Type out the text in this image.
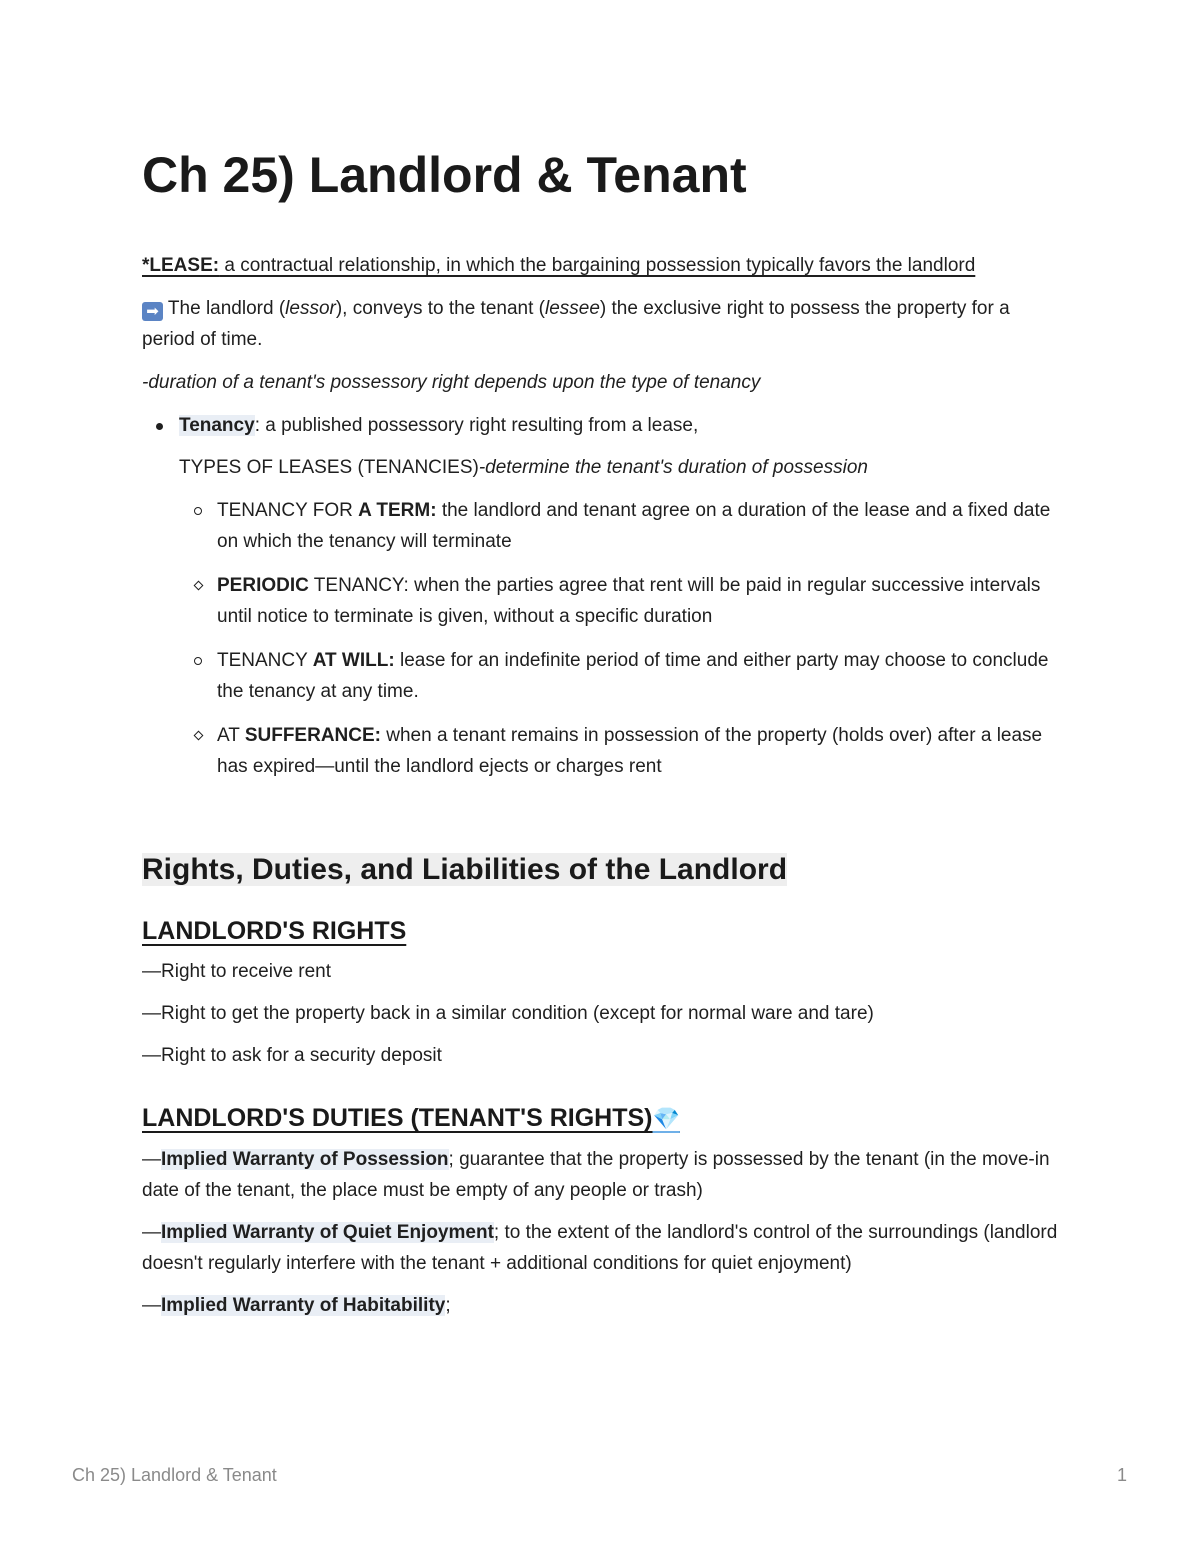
Ch 25) Landlord & Tenant

*LEASE: a contractual relationship, in which the bargaining possession typically favors the landlord

➡ The landlord (lessor), conveys to the tenant (lessee) the exclusive right to possess the property for a period of time.

-duration of a tenant's possessory right depends upon the type of tenancy

Tenancy: a published possessory right resulting from a lease,

TYPES OF LEASES (TENANCIES)-determine the tenant's duration of possession

TENANCY FOR A TERM: the landlord and tenant agree on a duration of the lease and a fixed date on which the tenancy will terminate
PERIODIC TENANCY: when the parties agree that rent will be paid in regular successive intervals until notice to terminate is given, without a specific duration
TENANCY AT WILL: lease for an indefinite period of time and either party may choose to conclude the tenancy at any time.
AT SUFFERANCE: when a tenant remains in possession of the property (holds over) after a lease has expired—until the landlord ejects or charges rent
Rights, Duties, and Liabilities of the Landlord
LANDLORD'S RIGHTS

—Right to receive rent

—Right to get the property back in a similar condition (except for normal ware and tare)

—Right to ask for a security deposit

LANDLORD'S DUTIES (TENANT'S RIGHTS)💎

—Implied Warranty of Possession; guarantee that the property is possessed by the tenant (in the move-in date of the tenant, the place must be empty of any people or trash)

—Implied Warranty of Quiet Enjoyment; to the extent of the landlord's control of the surroundings (landlord doesn't regularly interfere with the tenant + additional conditions for quiet enjoyment)

—Implied Warranty of Habitability;

Ch 25) Landlord & Tenant	1
